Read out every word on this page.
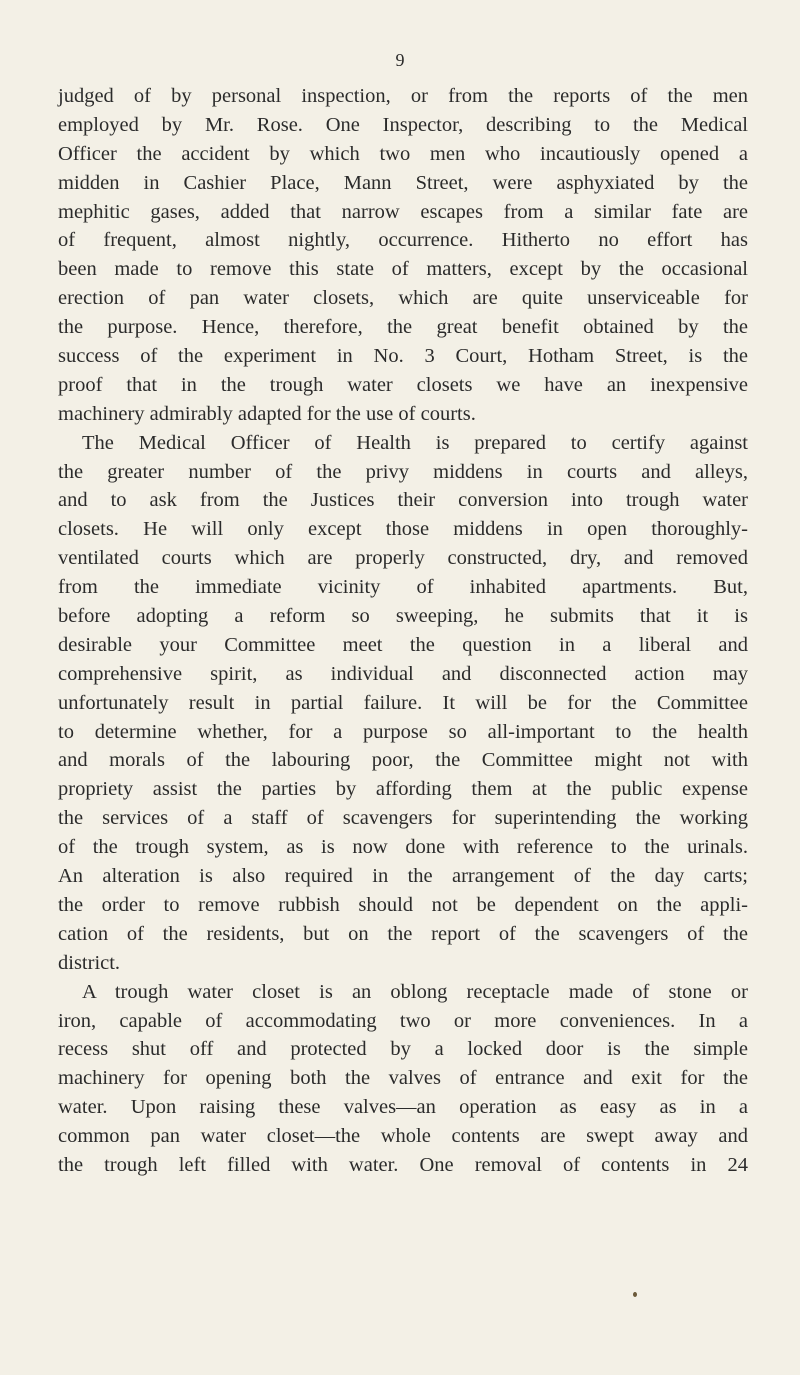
9
judged of by personal inspection, or from the reports of the men
employed by Mr. Rose. One Inspector, describing to the Medical
Officer the accident by which two men who incautiously opened a
midden in Cashier Place, Mann Street, were asphyxiated by the
mephitic gases, added that narrow escapes from a similar fate are
of frequent, almost nightly, occurrence. Hitherto no effort has
been made to remove this state of matters, except by the occasional
erection of pan water closets, which are quite unserviceable for
the purpose. Hence, therefore, the great benefit obtained by the
success of the experiment in No. 3 Court, Hotham Street, is the
proof that in the trough water closets we have an inexpensive
machinery admirably adapted for the use of courts.
The Medical Officer of Health is prepared to certify against
the greater number of the privy middens in courts and alleys,
and to ask from the Justices their conversion into trough water
closets. He will only except those middens in open thoroughly-
ventilated courts which are properly constructed, dry, and removed
from the immediate vicinity of inhabited apartments. But,
before adopting a reform so sweeping, he submits that it is
desirable your Committee meet the question in a liberal and
comprehensive spirit, as individual and disconnected action may
unfortunately result in partial failure. It will be for the Committee
to determine whether, for a purpose so all-important to the health
and morals of the labouring poor, the Committee might not with
propriety assist the parties by affording them at the public expense
the services of a staff of scavengers for superintending the working
of the trough system, as is now done with reference to the urinals.
An alteration is also required in the arrangement of the day carts;
the order to remove rubbish should not be dependent on the appli-
cation of the residents, but on the report of the scavengers of the
district.
A trough water closet is an oblong receptacle made of stone or
iron, capable of accommodating two or more conveniences. In a
recess shut off and protected by a locked door is the simple
machinery for opening both the valves of entrance and exit for the
water. Upon raising these valves—an operation as easy as in a
common pan water closet—the whole contents are swept away and
the trough left filled with water. One removal of contents in 24
